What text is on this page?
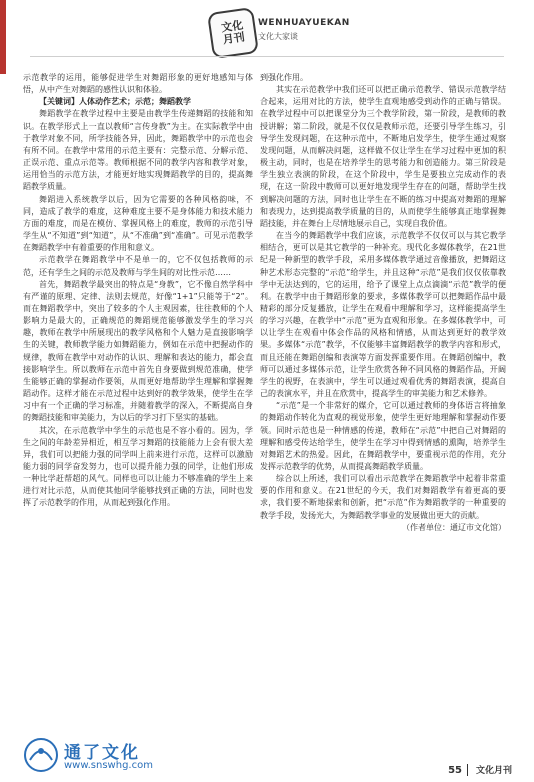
文化
月刊
WENHUAYUEKAN
文化大家谈

示范教学的运用，能够促进学生对舞蹈形象的更好地感知与体悟，从中产生对舞蹈的感性认识和体验。

【关键词】人体动作艺术；示范；舞蹈教学

舞蹈教学在教学过程中主要是由教学生传递舞蹈的技能和知识。在教学形式上一直以教师“言传身教”为主。在实际教学中由于教学对象不同，所学技能各异，因此，舞蹈教学中的示范也会有所不同。在教学中常用的示范主要有：完整示范、分解示范、正误示范、重点示范等。教师根据不同的教学内容和教学对象，运用恰当的示范方法，才能更好地实现舞蹈教学的目的，提高舞蹈教学质量。

舞蹈进入系统教学以后，因为它需要的各种风格韵味，不同，造成了教学的难度，这种难度主要不是身体能力和技术能力方面的难度，而是在模仿、掌握风格上的难度，教师的示范引导学生从“不知道”到“知道”，从“不准确”到“准确”。可见示范教学在舞蹈教学中有着重要的作用和意义。

示范教学在舞蹈教学中不是单一的，它不仅包括教师的示范，还有学生之间的示范及教师与学生间的对比性示范……

首先，舞蹈教学最突出的特点是“身教”，它不像自然学科中有严谨的原理、定律、法则去规范，好像“1+1”只能等于“2”。而在舞蹈教学中，突出了较多的个人主观因素，往往教师的个人影响力是最大的，正确规范的舞蹈规范能够激发学生的学习兴趣，教师在教学中所展现出的教学风格和个人魅力是直接影响学生的关键，教师教学能力如舞蹈能力，例如在示范中把握动作的规律，教师在教学中对动作的认识、理解和表达的能力，都会直接影响学生。所以教师在示范中首先自身要做到规范准确，使学生能够正确的掌握动作要领，从而更好地帮助学生理解和掌握舞蹈动作。这样才能在示范过程中达到好的教学效果，使学生在学习中有一个正确的学习标准，并随着教学的深入，不断提高自身的舞蹈技能和审美能力，为以后的学习打下坚实的基础。

其次，在示范教学中学生的示范也是不容小看的。因为，学生之间的年龄差异相近，相互学习舞蹈的技能能力上会有很大差异，我们可以把能力强的同学叫上前来进行示范，这样可以激励能力弱的同学奋发努力，也可以提升能力强的同学，让他们形成一种比学赶帮超的风气。同样也可以让能力不够准确的学生上来进行对比示范，从而使其他同学能够找到正确的方法，同时也发挥了示范教学的作用，从而起到强化作用。

到强化作用。

其实在示范教学中我们还可以把正确示范教学、错误示范教学结合起来，运用对比的方法，使学生直观地感受到动作的正确与错误。在教学过程中可以把课堂分为三个教学阶段，第一阶段，是教师的教授讲解；第二阶段，就是不仅仅是教师示范，还要引导学生练习，引导学生发现问题，在这种示范中，不断地启发学生，使学生通过观察发现问题，从而解决问题，这样做不仅让学生在学习过程中更加的积极主动，同时，也是在培养学生的思考能力和创造能力。第三阶段是学生独立表演的阶段，在这个阶段中，学生是要独立完成动作的表现，在这一阶段中教师可以更好地发现学生存在的问题，帮助学生找到解决问题的方法，同时也让学生在不断的练习中提高对舞蹈的理解和表现力，达到提高教学质量的目的，从而使学生能够真正地掌握舞蹈技能，并在舞台上尽情地展示自己，实现自我价值。

在当今的舞蹈教学中我们应该，示范教学不仅仅可以与其它教学相结合，更可以是其它教学的一种补充。现代化多媒体教学，在21世纪是一种新型的教学手段，采用多媒体教学通过音像播放，把舞蹈这种艺术形态完整的“示范”给学生，并且这种“示范”是我们仅仅依靠教学中无法达到的，它的运用，给予了课堂上点点滴滴“示范”教学的便利。在教学中由于舞蹈形象的要求，多媒体教学可以把舞蹈作品中最精彩的部分反复播放，让学生在观看中理解和学习，这样能提高学生的学习兴趣，在教学中“示范”更为直观和形象。在多媒体教学中，可以让学生在观看中体会作品的风格和情感，从而达到更好的教学效果。多媒体“示范”教学，不仅能够丰富舞蹈教学的教学内容和形式，而且还能在舞蹈创编和表演等方面发挥重要作用。在舞蹈创编中，教师可以通过多媒体示范，让学生欣赏各种不同风格的舞蹈作品，开阔学生的视野，在表演中，学生可以通过观看优秀的舞蹈表演，提高自己的表演水平，并且在欣赏中，提高学生的审美能力和艺术修养。

“示范”是一个非常好的媒介，它可以通过教师的身体语言将抽象的舞蹈动作转化为直观的视觉形象，使学生更好地理解和掌握动作要领。同时示范也是一种情感的传递，教师在“示范”中把自己对舞蹈的理解和感受传达给学生，使学生在学习中得到情感的熏陶，培养学生对舞蹈艺术的热爱。因此，在舞蹈教学中，要重视示范的作用，充分发挥示范教学的优势，从而提高舞蹈教学质量。

综合以上所述，我们可以看出示范教学在舞蹈教学中起着非常重要的作用和意义。在21世纪的今天，我们对舞蹈教学有着更高的要求，我们要不断地探索和创新，把“示范”作为舞蹈教学的一种重要的教学手段，发扬光大，为舞蹈教学事业的发展做出更大的贡献。

（作者单位：通辽市文化馆）

通了文化
www.snswhg.com	55 文化月刊
